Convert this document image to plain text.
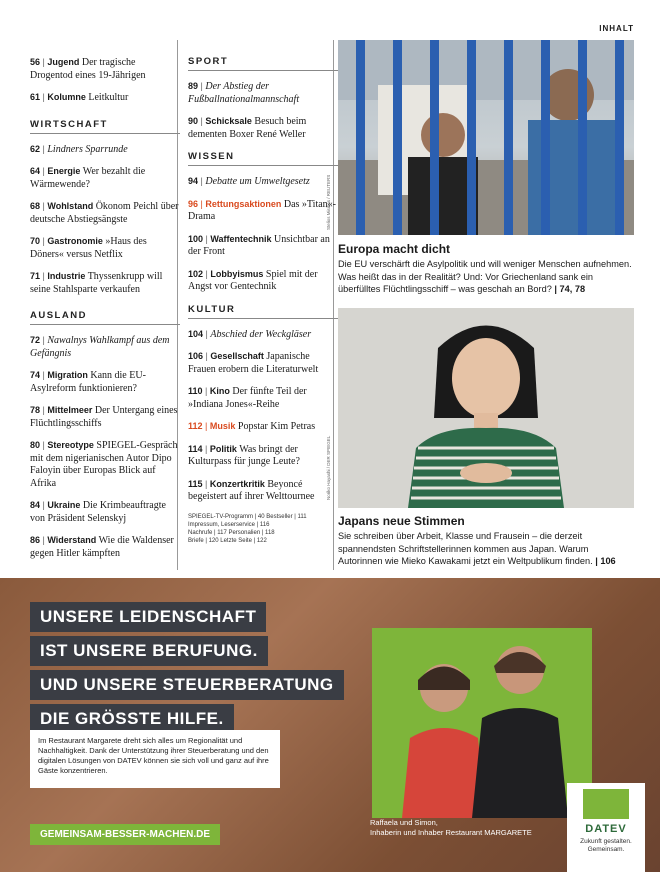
INHALT
56 | Jugend Der tragische Drogentod eines 19-Jährigen
61 | Kolumne Leitkultur
WIRTSCHAFT
62 | Lindners Sparrunde
64 | Energie Wer bezahlt die Wärmewende?
68 | Wohlstand Ökonom Peichl über deutsche Abstiegsängste
70 | Gastronomie »Haus des Döners« versus Netflix
71 | Industrie Thyssenkrupp will seine Stahlsparte verkaufen
AUSLAND
72 | Nawalnys Wahlkampf aus dem Gefängnis
74 | Migration Kann die EU-Asylreform funktionieren?
78 | Mittelmeer Der Untergang eines Flüchtlingsschiffs
80 | Stereotype SPIEGEL-Gespräch mit dem nigerianischen Autor Dipo Faloyin über Europas Blick auf Afrika
84 | Ukraine Die Krimbeauftragte von Präsident Selenskyj
86 | Widerstand Wie die Waldenser gegen Hitler kämpften
SPORT
89 | Der Abstieg der Fußballnationalmannschaft
90 | Schicksale Besuch beim dementen Boxer René Weller
WISSEN
94 | Debatte um Umweltgesetz
96 | Rettungsaktionen Das »Titan«-Drama
100 | Waffentechnik Unsichtbar an der Front
102 | Lobbyismus Spiel mit der Angst vor Gentechnik
KULTUR
104 | Abschied der Weckgläser
106 | Gesellschaft Japanische Frauen erobern die Literaturwelt
110 | Kino Der fünfte Teil der »Indiana Jones«-Reihe
112 | Musik Popstar Kim Petras
114 | Politik Was bringt der Kulturpass für junge Leute?
115 | Konzertkritik Beyoncé begeistert auf ihrer Welttournee
SPIEGEL-TV-Programm | 40 Bestseller | 111
Impressum, Leserservice | 116
Nachrufe | 117 Personalien | 118
Briefe | 120 Letzte Seite | 122
Stelios Misinas / REUTERS
Europa macht dicht
Die EU verschärft die Asylpolitik und will weniger Menschen aufnehmen. Was heißt das in der Realität? Und: Vor Griechenland sank ein überfülltes Flüchtlingsschiff – was geschah an Bord? | 74, 78
Noriko Hayashi / DER SPIEGEL
Japans neue Stimmen
Sie schreiben über Arbeit, Klasse und Frausein – die derzeit spannendsten Schriftstellerinnen kommen aus Japan. Warum Autorinnen wie Mieko Kawakami jetzt ein Weltpublikum finden. | 106
UNSERE LEIDENSCHAFT
IST UNSERE BERUFUNG.
UND UNSERE STEUERBERATUNG
DIE GRÖSSTE HILFE.
Im Restaurant Margarete dreht sich alles um Regionalität und Nachhaltigkeit. Dank der Unterstützung ihrer Steuerberatung und den digitalen Lösungen von DATEV können sie sich voll und ganz auf ihre Gäste konzentrieren.
GEMEINSAM-BESSER-MACHEN.DE
Raffaela und Simon,
Inhaberin und Inhaber Restaurant MARGARETE	DATEV
Zukunft gestalten.
Gemeinsam.
